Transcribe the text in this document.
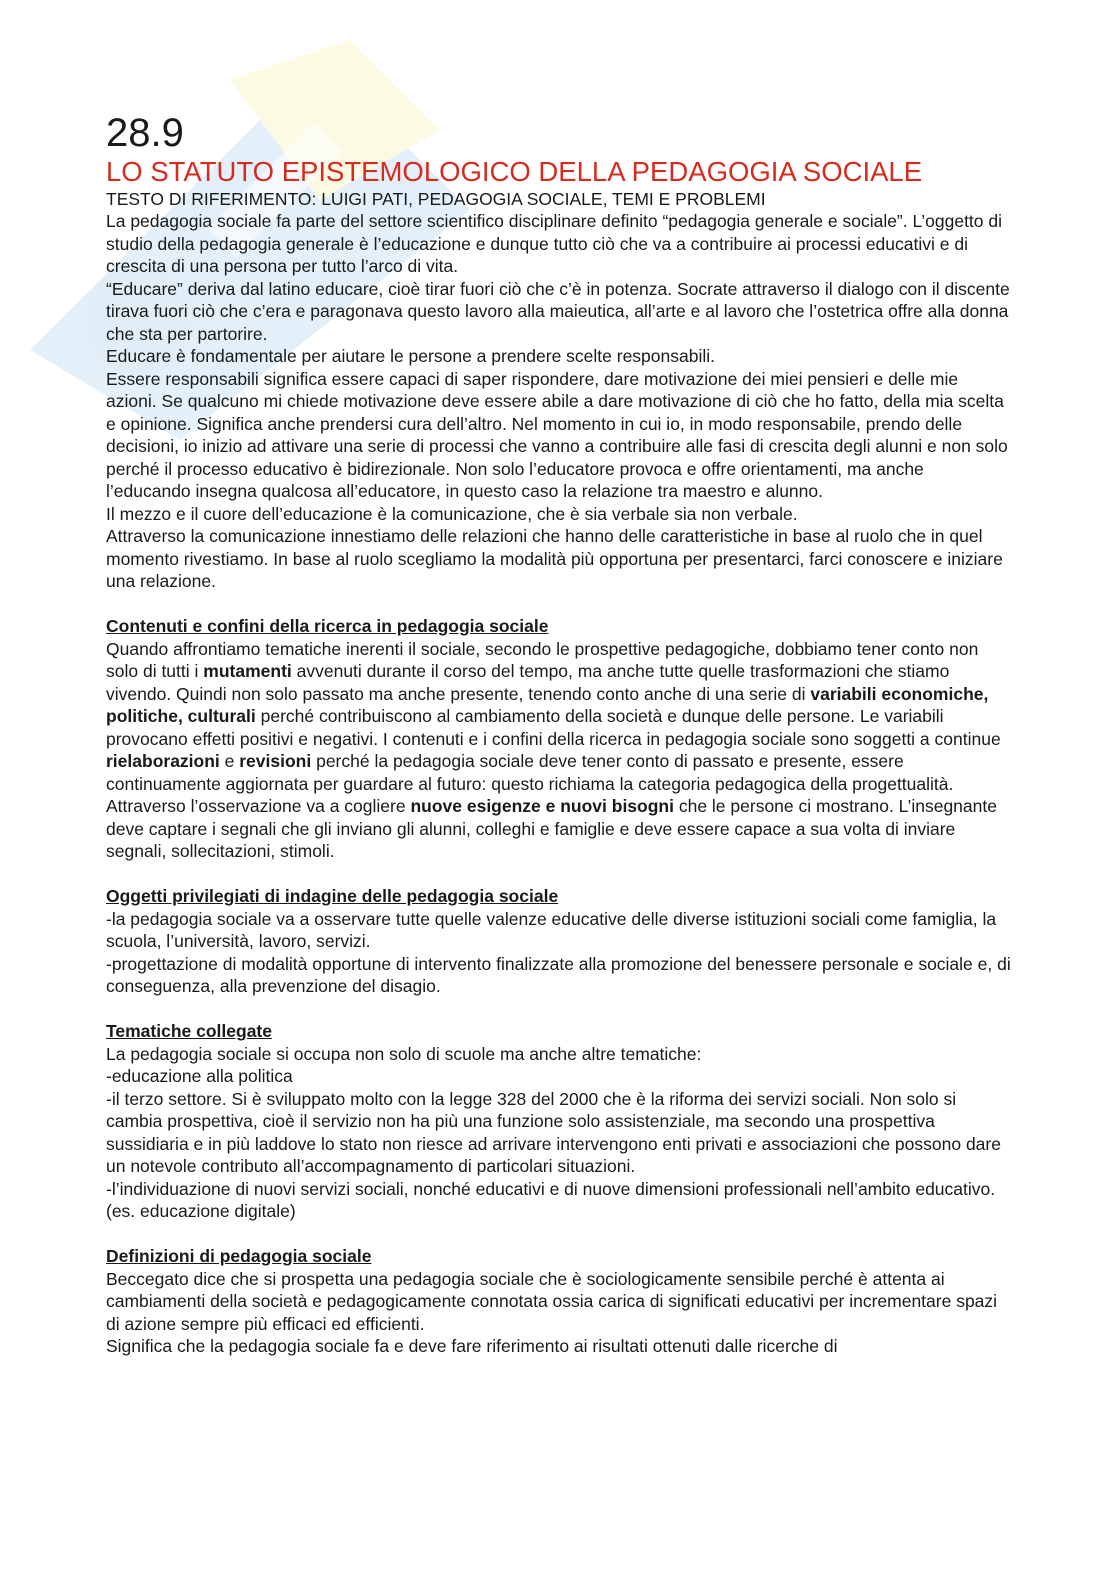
28.9
LO STATUTO EPISTEMOLOGICO DELLA PEDAGOGIA SOCIALE
TESTO DI RIFERIMENTO: LUIGI PATI, PEDAGOGIA SOCIALE, TEMI E PROBLEMI

La pedagogia sociale fa parte del settore scientifico disciplinare definito “pedagogia generale e sociale”. L’oggetto di studio della pedagogia generale è l’educazione e dunque tutto ciò che va a contribuire ai processi educativi e di crescita di una persona per tutto l’arco di vita.

“Educare” deriva dal latino educare, cioè tirar fuori ciò che c’è in potenza. Socrate attraverso il dialogo con il discente tirava fuori ciò che c’era e paragonava questo lavoro alla maieutica, all’arte e al lavoro che l’ostetrica offre alla donna che sta per partorire.

Educare è fondamentale per aiutare le persone a prendere scelte responsabili.

Essere responsabili significa essere capaci di saper rispondere, dare motivazione dei miei pensieri e delle mie azioni. Se qualcuno mi chiede motivazione deve essere abile a dare motivazione di ciò che ho fatto, della mia scelta e opinione. Significa anche prendersi cura dell’altro. Nel momento in cui io, in modo responsabile, prendo delle decisioni, io inizio ad attivare una serie di processi che vanno a contribuire alle fasi di crescita degli alunni e non solo perché il processo educativo è bidirezionale. Non solo l’educatore provoca e offre orientamenti, ma anche l’educando insegna qualcosa all’educatore, in questo caso la relazione tra maestro e alunno.

Il mezzo e il cuore dell’educazione è la comunicazione, che è sia verbale sia non verbale.

Attraverso la comunicazione innestiamo delle relazioni che hanno delle caratteristiche in base al ruolo che in quel momento rivestiamo. In base al ruolo scegliamo la modalità più opportuna per presentarci, farci conoscere e iniziare una relazione.

Contenuti e confini della ricerca in pedagogia sociale

Quando affrontiamo tematiche inerenti il sociale, secondo le prospettive pedagogiche, dobbiamo tener conto non solo di tutti i mutamenti avvenuti durante il corso del tempo, ma anche tutte quelle trasformazioni che stiamo vivendo. Quindi non solo passato ma anche presente, tenendo conto anche di una serie di variabili economiche, politiche, culturali perché contribuiscono al cambiamento della società e dunque delle persone. Le variabili provocano effetti positivi e negativi. I contenuti e i confini della ricerca in pedagogia sociale sono soggetti a continue rielaborazioni e revisioni perché la pedagogia sociale deve tener conto di passato e presente, essere continuamente aggiornata per guardare al futuro: questo richiama la categoria pedagogica della progettualità. Attraverso l’osservazione va a cogliere nuove esigenze e nuovi bisogni che le persone ci mostrano. L’insegnante deve captare i segnali che gli inviano gli alunni, colleghi e famiglie e deve essere capace a sua volta di inviare segnali, sollecitazioni, stimoli.

Oggetti privilegiati di indagine delle pedagogia sociale

-la pedagogia sociale va a osservare tutte quelle valenze educative delle diverse istituzioni sociali come famiglia, la scuola, l’università, lavoro, servizi.

-progettazione di modalità opportune di intervento finalizzate alla promozione del benessere personale e sociale e, di conseguenza, alla prevenzione del disagio.

Tematiche collegate

La pedagogia sociale si occupa non solo di scuole ma anche altre tematiche:

-educazione alla politica

-il terzo settore. Si è sviluppato molto con la legge 328 del 2000 che è la riforma dei servizi sociali. Non solo si cambia prospettiva, cioè il servizio non ha più una funzione solo assistenziale, ma secondo una prospettiva sussidiaria e in più laddove lo stato non riesce ad arrivare intervengono enti privati e associazioni che possono dare un notevole contributo all’accompagnamento di particolari situazioni.

-l’individuazione di nuovi servizi sociali, nonché educativi e di nuove dimensioni professionali nell’ambito educativo. (es. educazione digitale)

Definizioni di pedagogia sociale

Beccegato dice che si prospetta una pedagogia sociale che è sociologicamente sensibile perché è attenta ai cambiamenti della società e pedagogicamente connotata ossia carica di significati educativi per incrementare spazi di azione sempre più efficaci ed efficienti.

Significa che la pedagogia sociale fa e deve fare riferimento ai risultati ottenuti dalle ricerche di
